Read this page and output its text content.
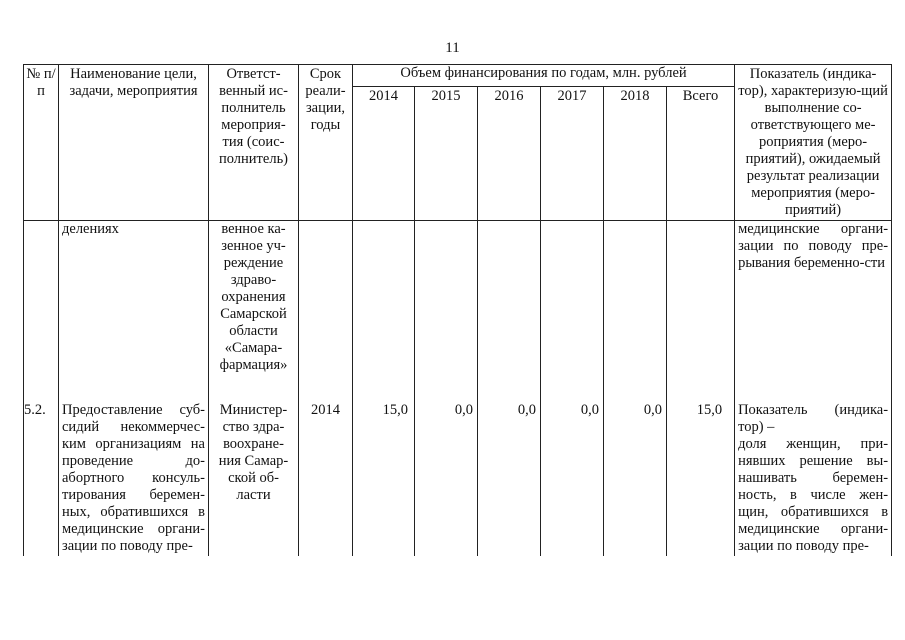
11
№ п/п	Наименование цели, задачи, мероприятия	Ответст-венный ис-полнитель мероприя-тия (соис-полнитель)	Срок реали-зации, годы	Объем финансирования по годам, млн. рублей						Показатель (индика-тор), характеризую-щий выполнение со-ответствующего ме-роприятия (меро-приятий), ожидаемый результат реализации мероприятия (меро-приятий)
				2014	2015	2016	2017	2018	Всего	
	делениях	венное ка-зенное уч-реждение здраво-охранения Самарской области «Самара-фармация»								медицинские органи-зации по поводу пре-рывания беременно-сти

5.2.	Предоставление суб-сидий некоммерчес-ким организациям на проведение до-абортного консуль-тирования беремен-ных, обратившихся в медицинские органи-зации по поводу пре-	Министер-ство здра-воохране-ния Самар-ской об-ласти	2014	15,0	0,0	0,0	0,0	0,0	15,0	Показатель (индика-тор) –
доля женщин, при-нявших решение вы-нашивать беремен-ность, в числе жен-щин, обратившихся в медицинские органи-зации по поводу пре-
